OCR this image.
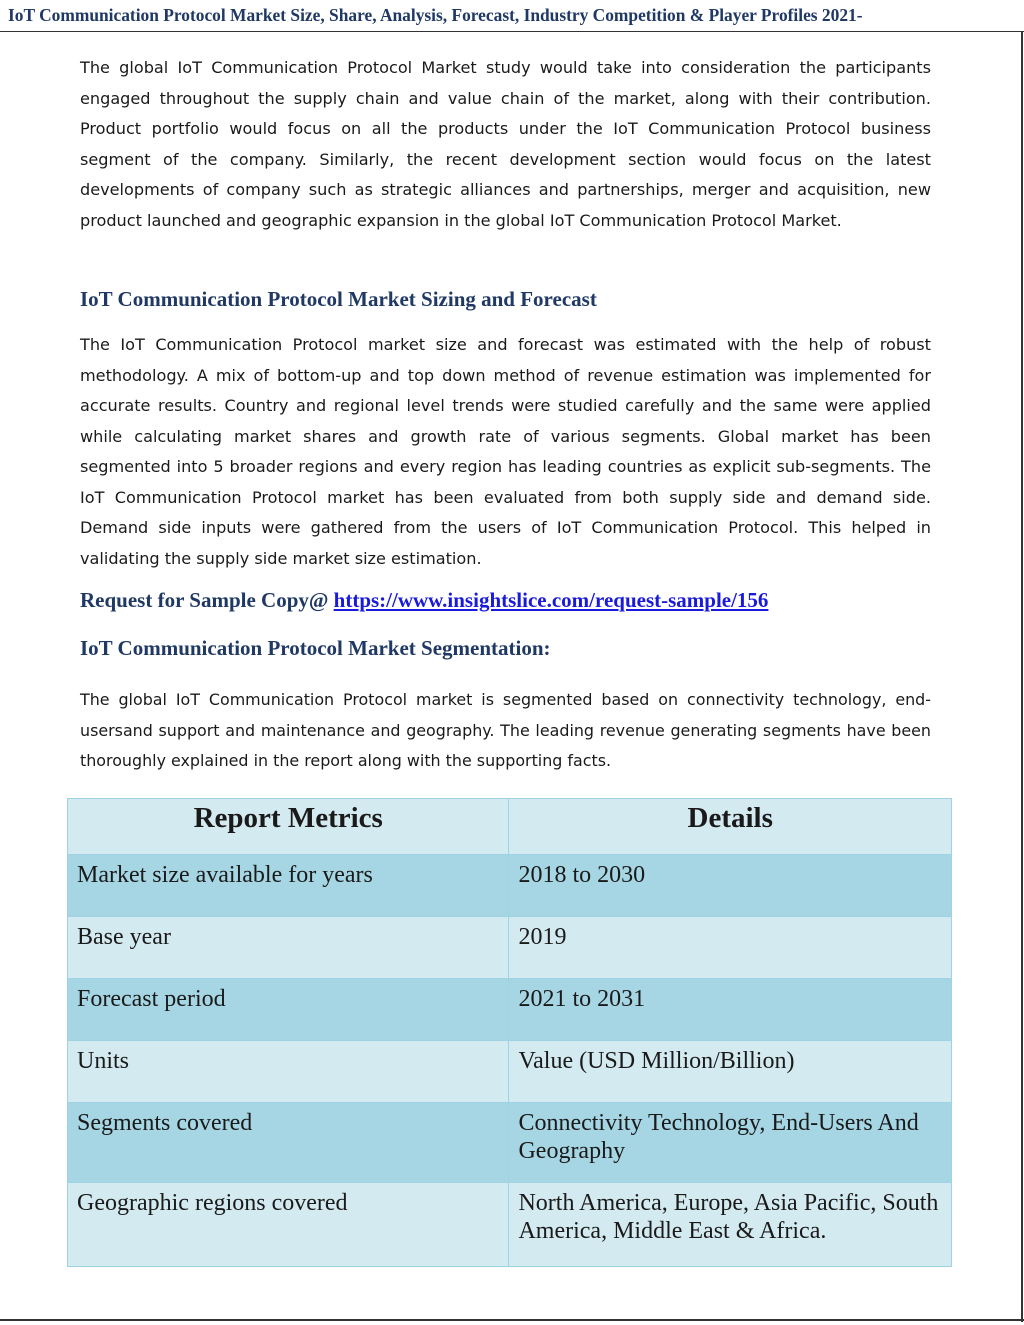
IoT Communication Protocol Market Size, Share, Analysis, Forecast, Industry Competition & Player Profiles 2021-

The global IoT Communication Protocol Market study would take into consideration the participants engaged throughout the supply chain and value chain of the market, along with their contribution. Product portfolio would focus on all the products under the IoT Communication Protocol business segment of the company. Similarly, the recent development section would focus on the latest developments of company such as strategic alliances and partnerships, merger and acquisition, new product launched and geographic expansion in the global IoT Communication Protocol Market.

IoT Communication Protocol Market Sizing and Forecast

The IoT Communication Protocol market size and forecast was estimated with the help of robust methodology. A mix of bottom-up and top down method of revenue estimation was implemented for accurate results. Country and regional level trends were studied carefully and the same were applied while calculating market shares and growth rate of various segments. Global market has been segmented into 5 broader regions and every region has leading countries as explicit sub-segments. The IoT Communication Protocol market has been evaluated from both supply side and demand side. Demand side inputs were gathered from the users of IoT Communication Protocol. This helped in validating the supply side market size estimation.

Request for Sample Copy@ https://www.insightslice.com/request-sample/156
IoT Communication Protocol Market Segmentation:

The global IoT Communication Protocol market is segmented based on connectivity technology, end-usersand support and maintenance and geography. The leading revenue generating segments have been thoroughly explained in the report along with the supporting facts.

Report Metrics	Details
Market size available for years	2018 to 2030
Base year	2019
Forecast period	2021 to 2031
Units	Value (USD Million/Billion)
Segments covered	Connectivity Technology, End-Users And Geography
Geographic regions covered	North America, Europe, Asia Pacific, South America, Middle East & Africa.
